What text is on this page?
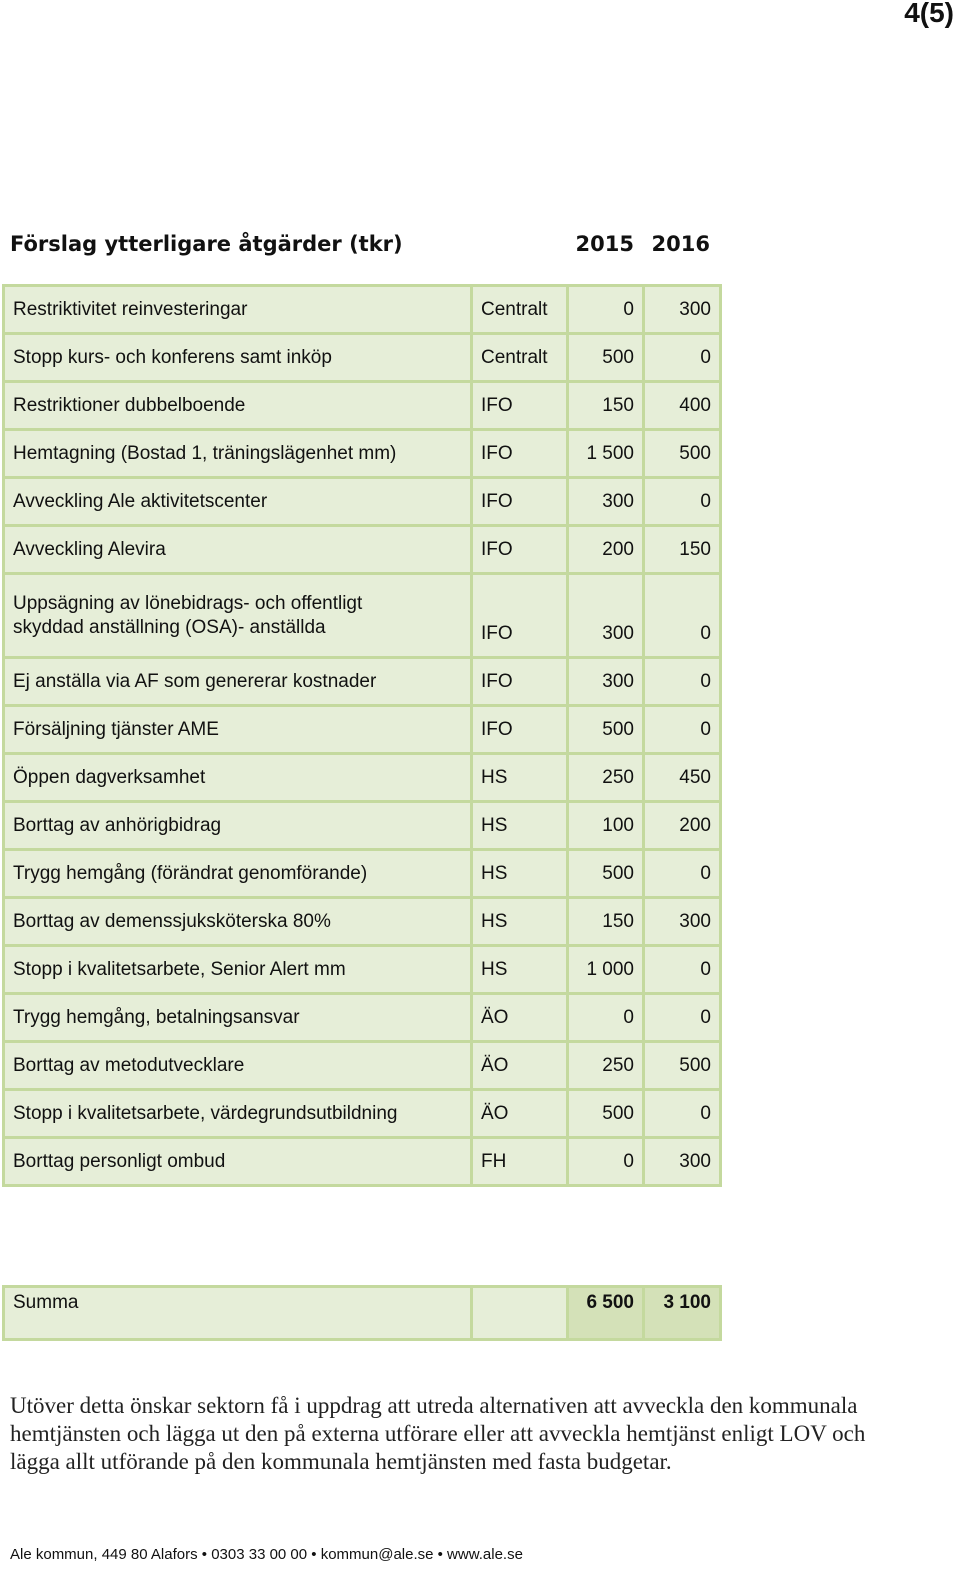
4(5)
Förslag ytterligare åtgärder (tkr)	2015 2016
Restriktivitet reinvesteringar	Centralt	0	300
Stopp kurs- och konferens samt inköp	Centralt	500	0
Restriktioner dubbelboende	IFO	150	400
Hemtagning (Bostad 1, träningslägenhet mm)	IFO	1 500	500
Avveckling Ale aktivitetscenter	IFO	300	0
Avveckling Alevira	IFO	200	150

Uppsägning av lönebidrags- och offentligt
skyddad anställning (OSA)- anställda	IFO	300	0
Ej anställa via AF som genererar kostnader	IFO	300	0
Försäljning tjänster AME	IFO	500	0
Öppen dagverksamhet	HS	250	450
Borttag av anhörigbidrag	HS	100	200
Trygg hemgång (förändrat genomförande)	HS	500	0
Borttag av demenssjuksköterska 80%	HS	150	300
Stopp i kvalitetsarbete, Senior Alert mm	HS	1 000	0
Trygg hemgång, betalningsansvar	ÄO	0	0
Borttag av metodutvecklare	ÄO	250	500
Stopp i kvalitetsarbete, värdegrundsutbildning	ÄO	500	0
Borttag personligt ombud	FH	0	300
Summa		6 500	3 100
Utöver detta önskar sektorn få i uppdrag att utreda alternativen att avveckla den kommunala
hemtjänsten och lägga ut den på externa utförare eller att avveckla hemtjänst enligt LOV och
lägga allt utförande på den kommunala hemtjänsten med fasta budgetar.
Ale kommun, 449 80 Alafors • 0303 33 00 00 • kommun@ale.se • www.ale.se
